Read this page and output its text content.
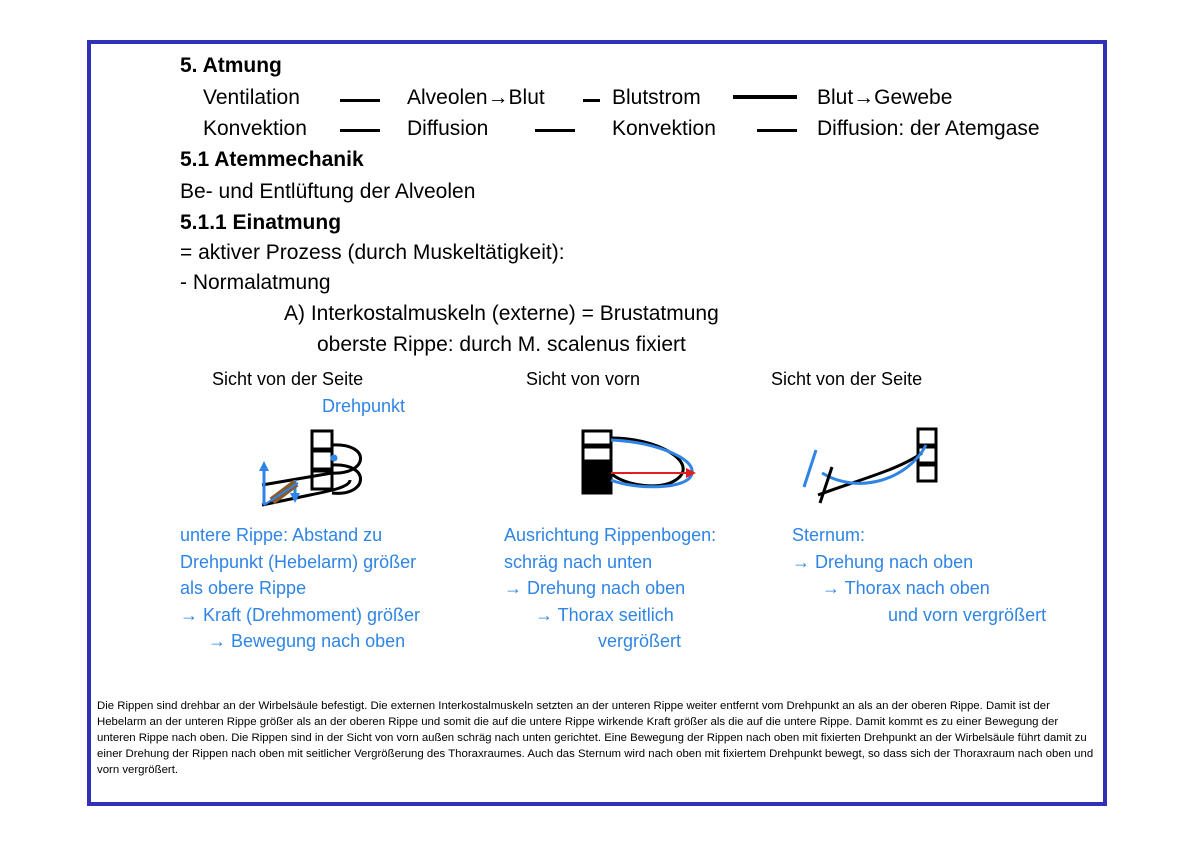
5. Atmung
Ventilation	Alveolen→Blut	Blutstrom	Blut→Gewebe
Konvektion	Diffusion	Konvektion	Diffusion: der Atemgase
5.1 Atemmechanik
Be- und Entlüftung der Alveolen
5.1.1 Einatmung
= aktiver Prozess (durch Muskeltätigkeit):
- Normalatmung
A) Interkostalmuskeln (externe) = Brustatmung
oberste Rippe: durch M. scalenus fixiert
Sicht von der Seite	Sicht von vorn	Sicht von der Seite
Drehpunkt
untere Rippe: Abstand zu
Drehpunkt (Hebelarm) größer
als obere Rippe
→ Kraft (Drehmoment) größer
→ Bewegung nach oben
Ausrichtung Rippenbogen:
schräg nach unten
→ Drehung nach oben
→ Thorax seitlich
vergrößert
Sternum:
→ Drehung nach oben
→ Thorax nach oben
und vorn vergrößert
Die Rippen sind drehbar an der Wirbelsäule befestigt. Die externen Interkostalmuskeln setzten an der unteren Rippe weiter entfernt vom Drehpunkt an als an der oberen Rippe. Damit ist der Hebelarm an der unteren Rippe größer als an der oberen Rippe und somit die auf die untere Rippe wirkende Kraft größer als die auf die untere Rippe. Damit kommt es zu einer Bewegung der unteren Rippe nach oben. Die Rippen sind in der Sicht von vorn außen schräg nach unten gerichtet. Eine Bewegung der Rippen nach oben mit fixierten Drehpunkt an der Wirbelsäule führt damit zu einer Drehung der Rippen nach oben mit seitlicher Vergrößerung des Thoraxraumes. Auch das Sternum wird nach oben mit fixiertem Drehpunkt bewegt, so dass sich der Thoraxraum nach oben und vorn vergrößert.
